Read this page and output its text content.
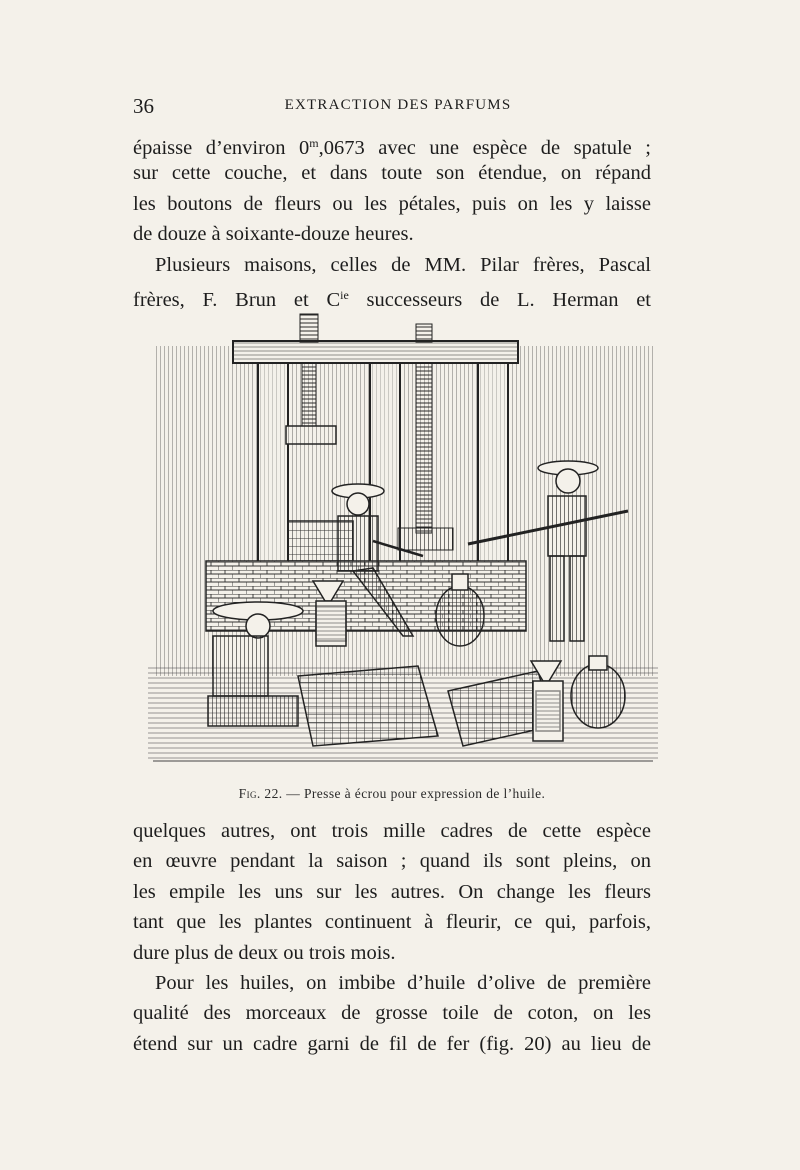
36	EXTRACTION DES PARFUMS
épaisse d’environ 0$^m$,0673 avec une espèce de spatule ;
sur cette couche, et dans toute son étendue, on répand
les boutons de fleurs ou les pétales, puis on les y laisse
de douze à soixante-douze heures.
Plusieurs maisons, celles de MM. Pilar frères, Pascal
frères, F. Brun et $C^{ie}$ successeurs de L. Herman et
Fig. 22. — Presse à écrou pour expression de l’huile.
quelques autres, ont trois mille cadres de cette espèce
en œuvre pendant la saison ; quand ils sont pleins, on
les empile les uns sur les autres. On change les fleurs
tant que les plantes continuent à fleurir, ce qui, parfois,
dure plus de deux ou trois mois.
Pour les huiles, on imbibe d’huile d’olive de première
qualité des morceaux de grosse toile de coton, on les
étend sur un cadre garni de fil de fer (fig. 20) au lieu de
